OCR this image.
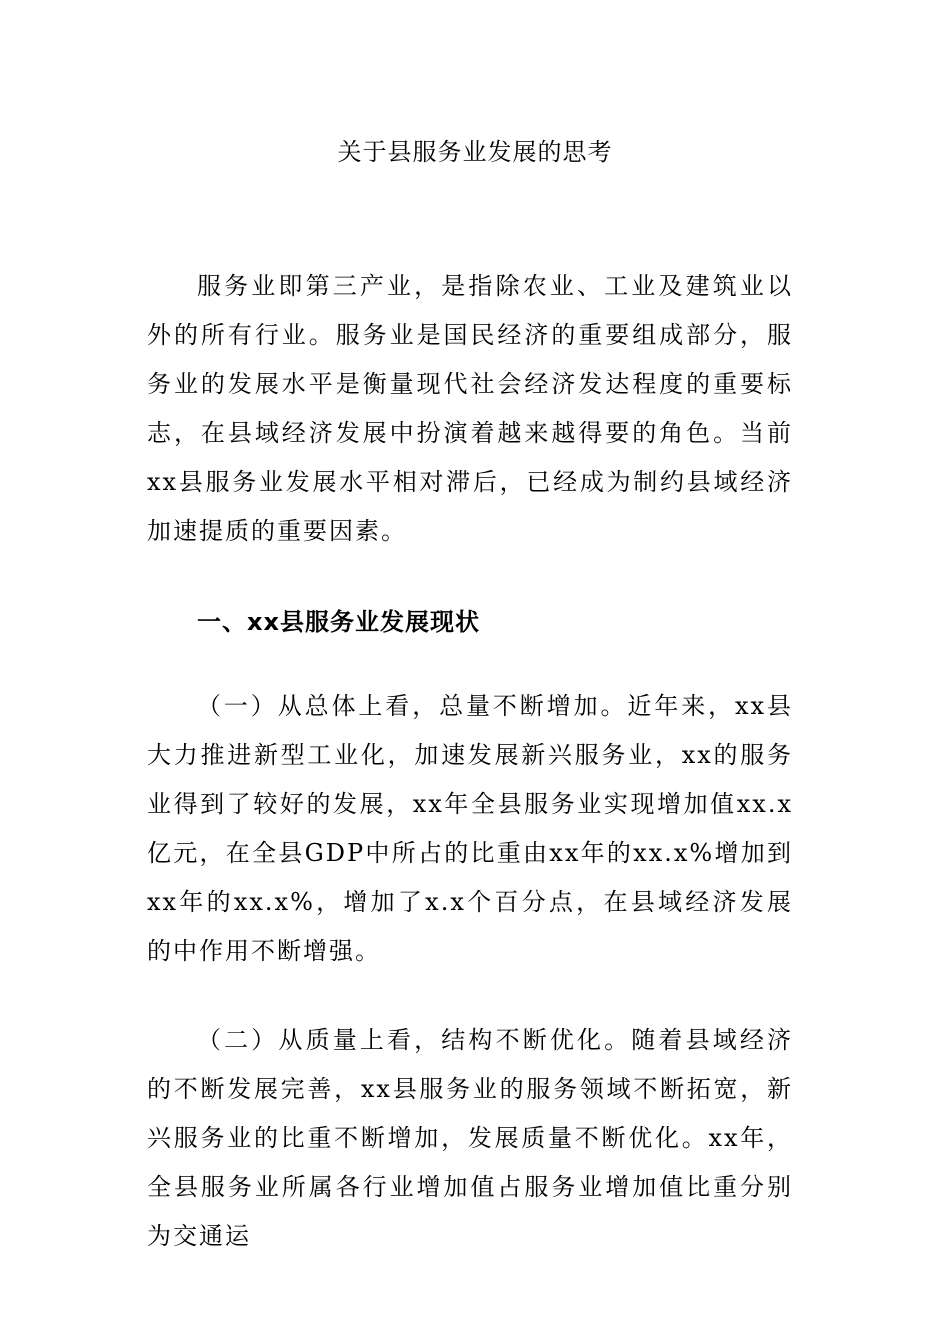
关于县服务业发展的思考

服务业即第三产业，是指除农业、工业及建筑业以外的所有行业。服务业是国民经济的重要组成部分，服务业的发展水平是衡量现代社会经济发达程度的重要标志，在县域经济发展中扮演着越来越得要的角色。当前xx县服务业发展水平相对滞后，已经成为制约县域经济加速提质的重要因素。

一、xx县服务业发展现状

（一）从总体上看，总量不断增加。近年来，xx县大力推进新型工业化，加速发展新兴服务业，xx的服务业得到了较好的发展，xx年全县服务业实现增加值xx.x亿元，在全县GDP中所占的比重由xx年的xx.x%增加到xx年的xx.x%，增加了x.x个百分点，在县域经济发展的中作用不断增强。

（二）从质量上看，结构不断优化。随着县域经济的不断发展完善，xx县服务业的服务领域不断拓宽，新兴服务业的比重不断增加，发展质量不断优化。xx年，全县服务业所属各行业增加值占服务业增加值比重分别为交通运
